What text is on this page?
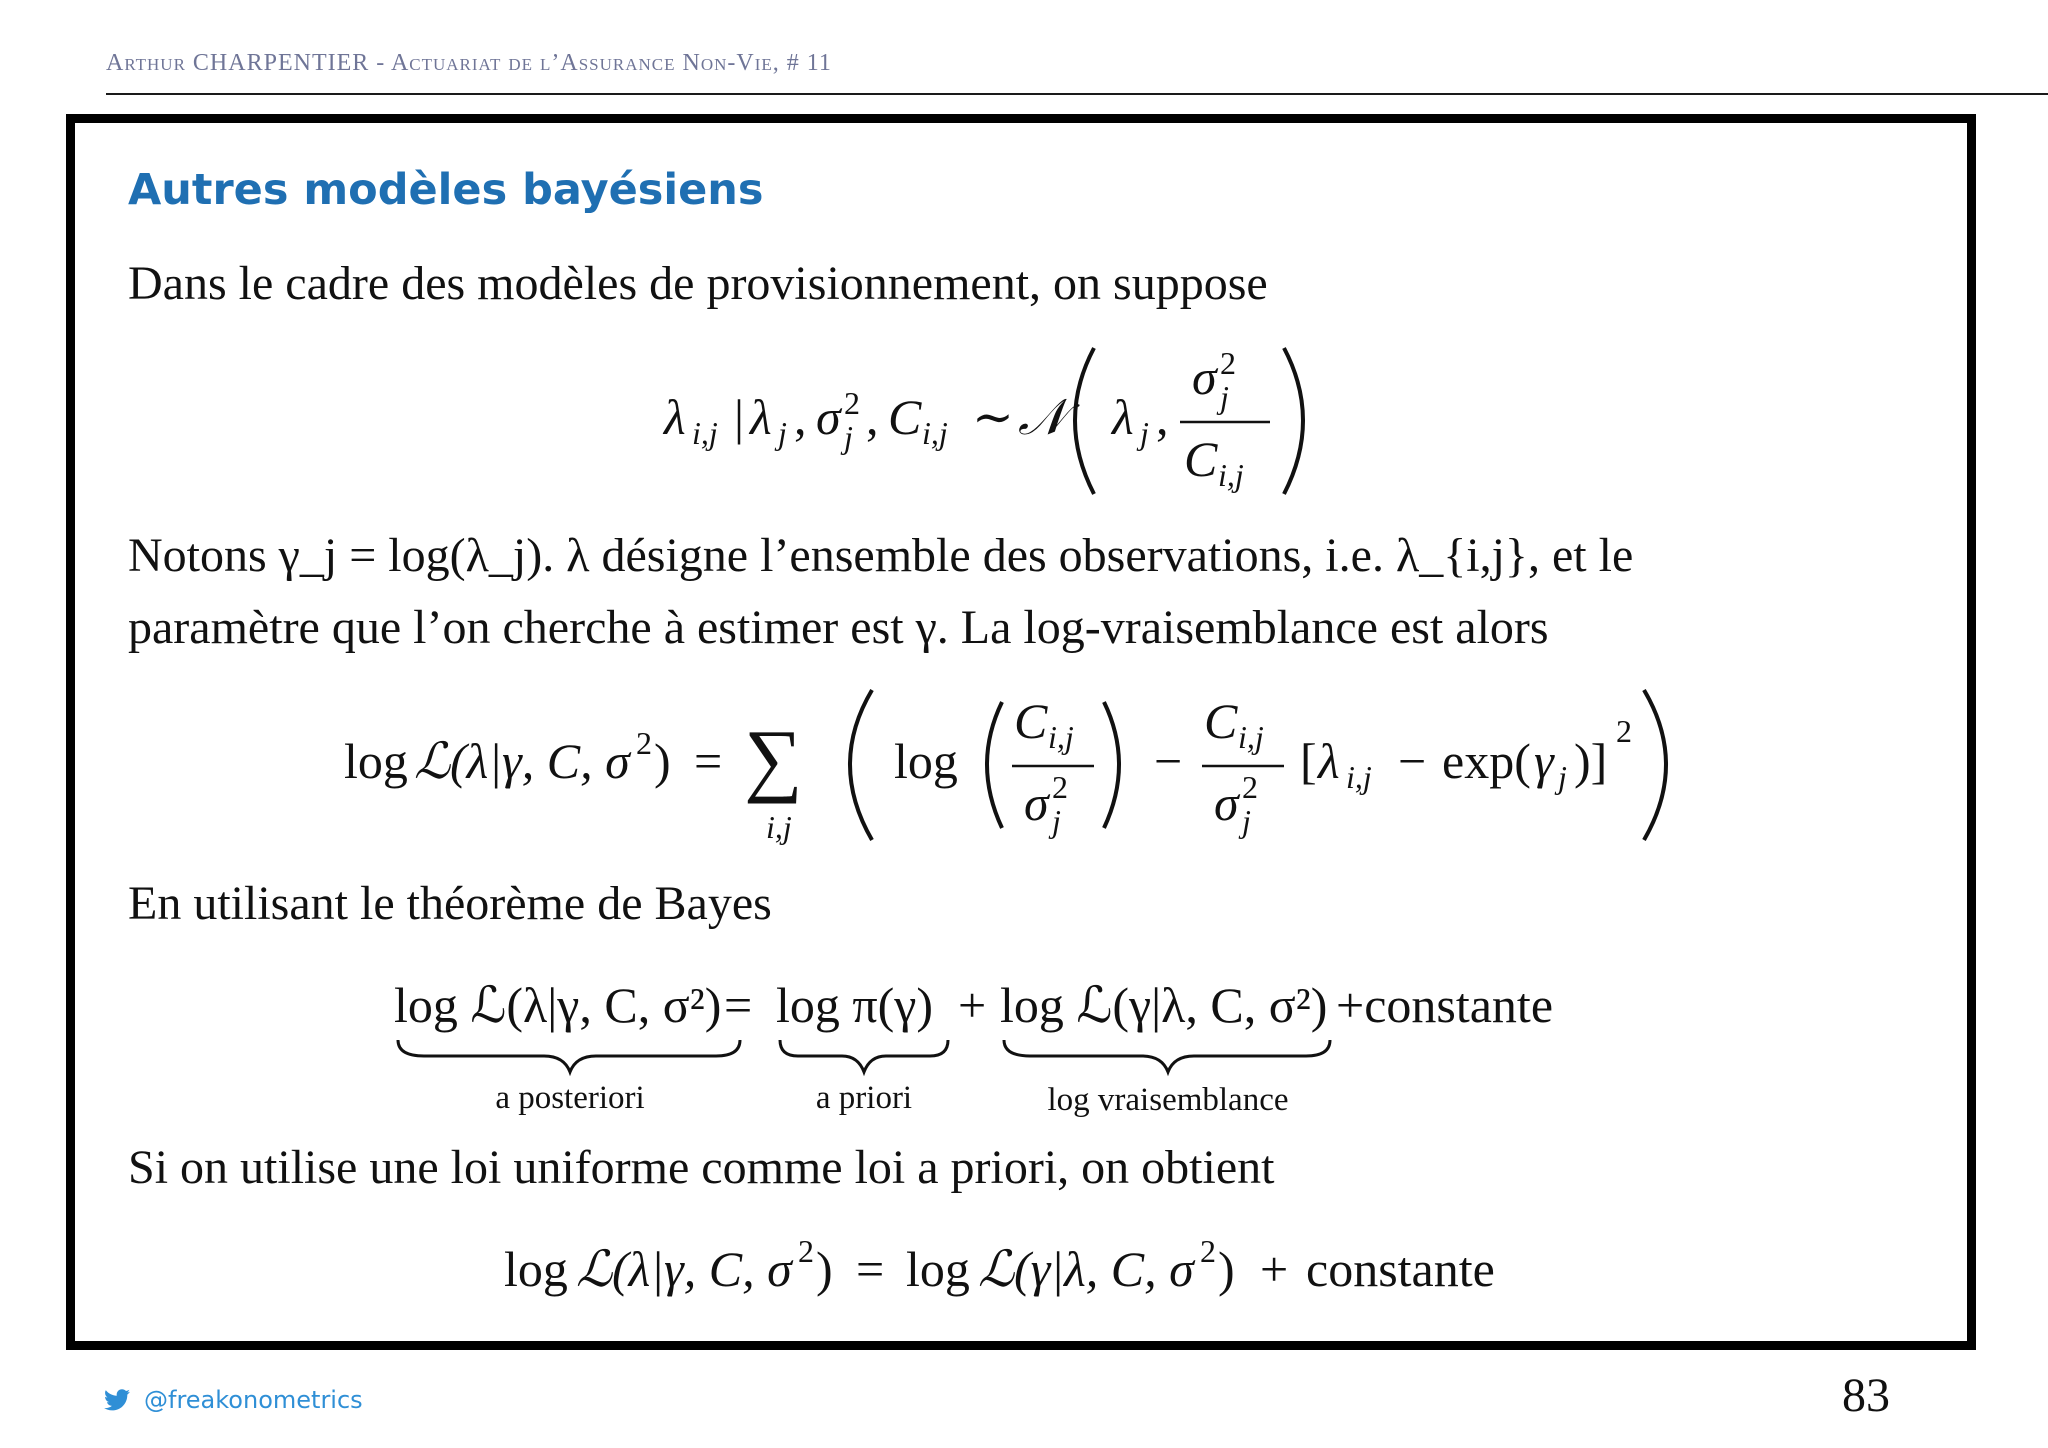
Arthur CHARPENTIER - Actuariat de l’Assurance Non-Vie, # 11
Autres modèles bayésiens
Dans le cadre des modèles de provisionnement, on suppose
λ i,j | λ j , σ 2
j , C i,j ∼ 𝒩 λ j ,
σ 2
j
C i,j
Notons γ_j = log(λ_j). λ désigne l’ensemble des observations, i.e. λ_{i,j}, et le
paramètre que l’on cherche à estimer est γ. La log-vraisemblance est alors
log ℒ(λ|γ, C, σ 2 ) = ∑
i,j
log
C i,j
σ 2
j
−
C i,j
σ 2
j
[ λ i,j − exp( γ j )]
2
En utilisant le théorème de Bayes
log ℒ(λ|γ, C, σ²) = log π(γ) + log ℒ(γ|λ, C, σ²) +constante
a posteriori	a priori	log vraisemblance
Si on utilise une loi uniforme comme loi a priori, on obtient
log ℒ(λ|γ, C, σ 2 ) = log ℒ(γ|λ, C, σ 2 ) + constante
@freakonometrics	83
